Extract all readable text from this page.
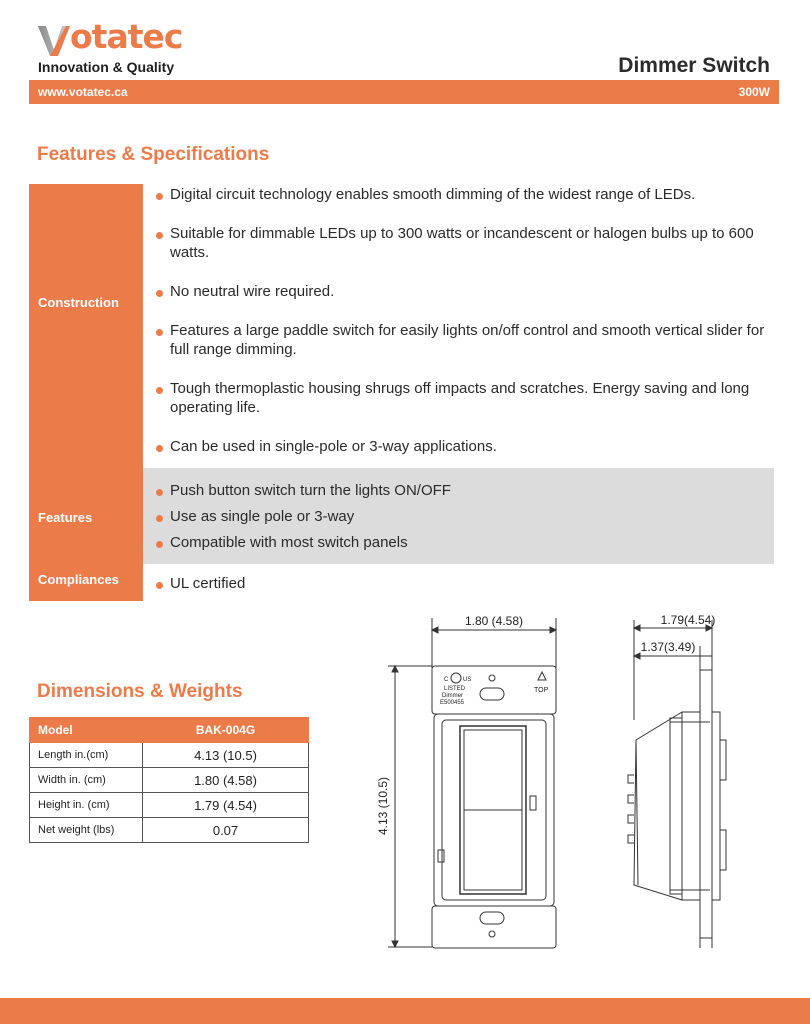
otatec
Innovation & Quality	Dimmer Switch
www.votatec.ca	300W
Features & Specifications
Construction
Digital circuit technology enables smooth dimming of the widest range of LEDs.
Suitable for dimmable LEDs up to 300 watts or incandescent or halogen bulbs up to 600 watts.
No neutral wire required.
Features a large paddle switch for easily lights on/off control and smooth vertical slider for full range dimming.
Tough thermoplastic housing shrugs off impacts and scratches. Energy saving and long operating life.
Can be used in single-pole or 3-way applications.
Features
Push button switch turn the lights ON/OFF
Use as single pole or 3-way
Compatible with most switch panels
Compliances	UL certified
Dimensions & Weights
Model	BAK-004G
Length in.(cm)	4.13 (10.5)
Width in. (cm)	1.80 (4.58)
Height in. (cm)	1.79 (4.54)
Net weight (lbs)	0.07
1.80 (4.58)
4.13 (10.5)
C US
LISTED
Dimmer
E500455
TOP
1.79(4.54)
1.37(3.49)
